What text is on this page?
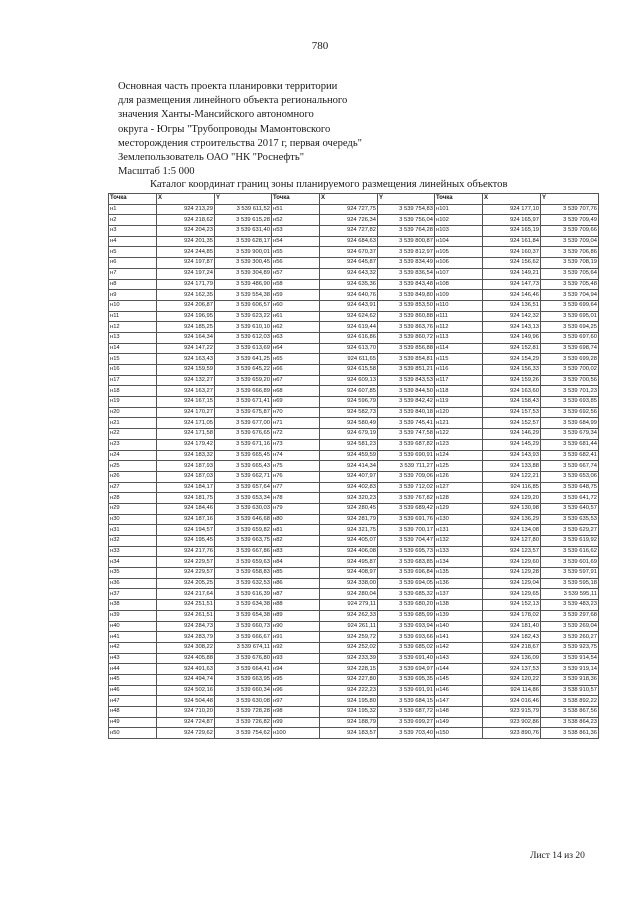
780
Основная часть проекта планировки территории
для размещения линейного объекта регионального
значения Ханты-Мансийского автономного
округа - Югры "Трубопроводы Мамонтовского
месторождения строительства 2017 г, первая очередь"
Землепользователь ОАО "НК "Роснефть"
Масштаб 1:5 000
Каталог координат границ зоны планируемого размещения линейных объектов
Точка	X	Y	Точка	X	Y	Точка	X	Y
н1	924 213,29	3 539 611,52	н51	924 727,75	3 539 754,83	н101	924 177,10	3 539 707,76
н2	924 218,62	3 539 615,28	н52	924 726,34	3 539 756,04	н102	924 165,97	3 539 709,49
н3	924 204,23	3 539 631,40	н53	924 727,82	3 539 764,28	н103	924 165,19	3 539 709,66
н4	924 201,35	3 539 628,17	н54	924 684,63	3 539 800,87	н104	924 161,84	3 539 709,04
н5	924 244,85	3 539 900,01	н55	924 670,37	3 539 812,97	н105	924 160,37	3 539 706,86
н6	924 197,87	3 539 300,45	н56	924 645,87	3 539 834,49	н106	924 156,62	3 539 708,19
н7	924 197,24	3 539 304,89	н57	924 643,32	3 539 836,54	н107	924 149,21	3 539 705,64
н8	924 171,79	3 539 486,90	н58	924 635,36	3 539 843,48	н108	924 147,73	3 539 705,48
н9	924 162,35	3 539 554,38	н59	924 640,76	3 539 849,80	н109	924 146,46	3 539 704,94
н10	924 206,87	3 539 606,57	н60	924 643,91	3 539 853,50	н110	924 136,51	3 539 699,64
н11	924 196,95	3 539 623,22	н61	924 624,62	3 539 860,88	н111	924 142,32	3 539 695,01
н12	924 185,25	3 539 610,10	н62	924 619,44	3 539 863,76	н112	924 143,13	3 539 694,25
н13	924 164,34	3 539 612,03	н63	924 616,86	3 539 860,72	н113	924 149,96	3 539 697,60
н14	924 147,22	3 539 613,69	н64	924 613,70	3 539 856,88	н114	924 152,81	3 539 698,74
н15	924 163,43	3 539 641,25	н65	924 611,65	3 539 854,81	н115	924 154,29	3 539 699,28
н16	924 159,59	3 539 645,22	н66	924 615,58	3 539 851,21	н116	924 156,33	3 539 700,02
н17	924 132,27	3 539 659,20	н67	924 609,13	3 539 843,53	н117	924 159,26	3 539 700,56
н18	924 163,27	3 539 666,89	н68	924 607,85	3 539 844,50	н118	924 163,60	3 539 701,23
н19	924 167,15	3 539 671,41	н69	924 596,79	3 539 842,42	н119	924 158,43	3 539 693,85
н20	924 170,27	3 539 675,87	н70	924 582,73	3 539 840,18	н120	924 157,53	3 539 692,56
н21	924 171,05	3 539 677,00	н71	924 580,49	3 539 745,41	н121	924 152,57	3 539 684,99
н22	924 171,58	3 539 676,65	н72	924 679,19	3 539 747,58	н122	924 146,29	3 539 679,34
н23	924 179,42	3 539 671,16	н73	924 581,23	3 539 687,82	н123	924 145,29	3 539 681,44
н24	924 183,32	3 539 665,45	н74	924 459,59	3 539 690,91	н124	924 143,93	3 539 682,41
н25	924 187,93	3 539 665,43	н75	924 414,34	3 539 711,27	н125	924 133,88	3 539 667,74
н26	924 187,03	3 539 662,71	н76	924 407,97	3 539 709,06	н126	924 122,21	3 539 653,06
н27	924 184,17	3 539 657,64	н77	924 402,83	3 539 712,02	н127	924 116,85	3 539 648,75
н28	924 181,75	3 539 653,34	н78	924 320,23	3 539 767,82	н128	924 129,20	3 539 641,72
н29	924 184,46	3 539 630,03	н79	924 280,45	3 539 689,42	н129	924 130,98	3 539 640,57
н30	924 187,16	3 539 646,68	н80	924 281,79	3 539 691,76	н130	924 136,29	3 539 635,53
н31	924 194,57	3 539 659,82	н81	924 321,75	3 539 700,17	н131	924 134,08	3 539 629,27
н32	924 195,45	3 539 663,75	н82	924 405,07	3 539 704,47	н132	924 127,80	3 539 619,92
н33	924 217,76	3 539 667,86	н83	924 406,08	3 539 695,73	н133	924 123,57	3 539 616,62
н34	924 229,57	3 539 659,63	н84	924 495,87	3 539 683,85	н134	924 129,60	3 539 601,69
н35	924 229,57	3 539 658,83	н85	924 408,97	3 539 696,84	н135	924 129,28	3 539 597,91
н36	924 205,25	3 539 632,53	н86	924 338,00	3 539 694,05	н136	924 129,04	3 539 595,18
н37	924 217,64	3 539 616,39	н87	924 280,04	3 539 685,32	н137	924 129,65	3 539 595,11
н38	924 251,51	3 539 634,38	н88	924 279,11	3 539 680,20	н138	924 152,13	3 539 483,23
н39	924 261,51	3 539 654,38	н89	924 262,33	3 539 685,99	н139	924 178,02	3 539 297,68
н40	924 284,73	3 539 660,73	н90	924 261,11	3 539 693,94	н140	924 181,40	3 539 269,04
н41	924 283,79	3 539 666,67	н91	924 259,72	3 539 693,66	н141	924 182,43	3 539 260,27
н42	924 308,22	3 539 674,11	н92	924 252,02	3 539 685,02	н142	924 218,67	3 539 923,75
н43	924 405,88	3 539 676,80	н93	924 233,39	3 539 691,40	н143	924 136,09	3 539 914,54
н44	924 491,63	3 539 664,41	н94	924 228,15	3 539 694,97	н144	924 137,53	3 539 919,14
н45	924 494,74	3 539 663,95	н95	924 227,80	3 539 695,35	н145	924 120,22	3 539 918,36
н46	924 502,16	3 539 660,34	н96	924 222,23	3 539 691,91	н146	924 114,86	3 538 910,57
н47	924 504,48	3 539 630,08	н97	924 195,80	3 539 684,15	н147	924 016,46	3 538 892,22
н48	924 710,20	3 539 728,28	н98	924 195,32	3 539 687,72	н148	923 915,79	3 538 867,56
н49	924 724,87	3 539 726,82	н99	924 188,79	3 539 699,27	н149	923 902,86	3 538 864,23
н50	924 729,62	3 539 754,62	н100	924 183,57	3 539 703,40	н150	923 890,76	3 538 861,36
Лист 14 из 20
